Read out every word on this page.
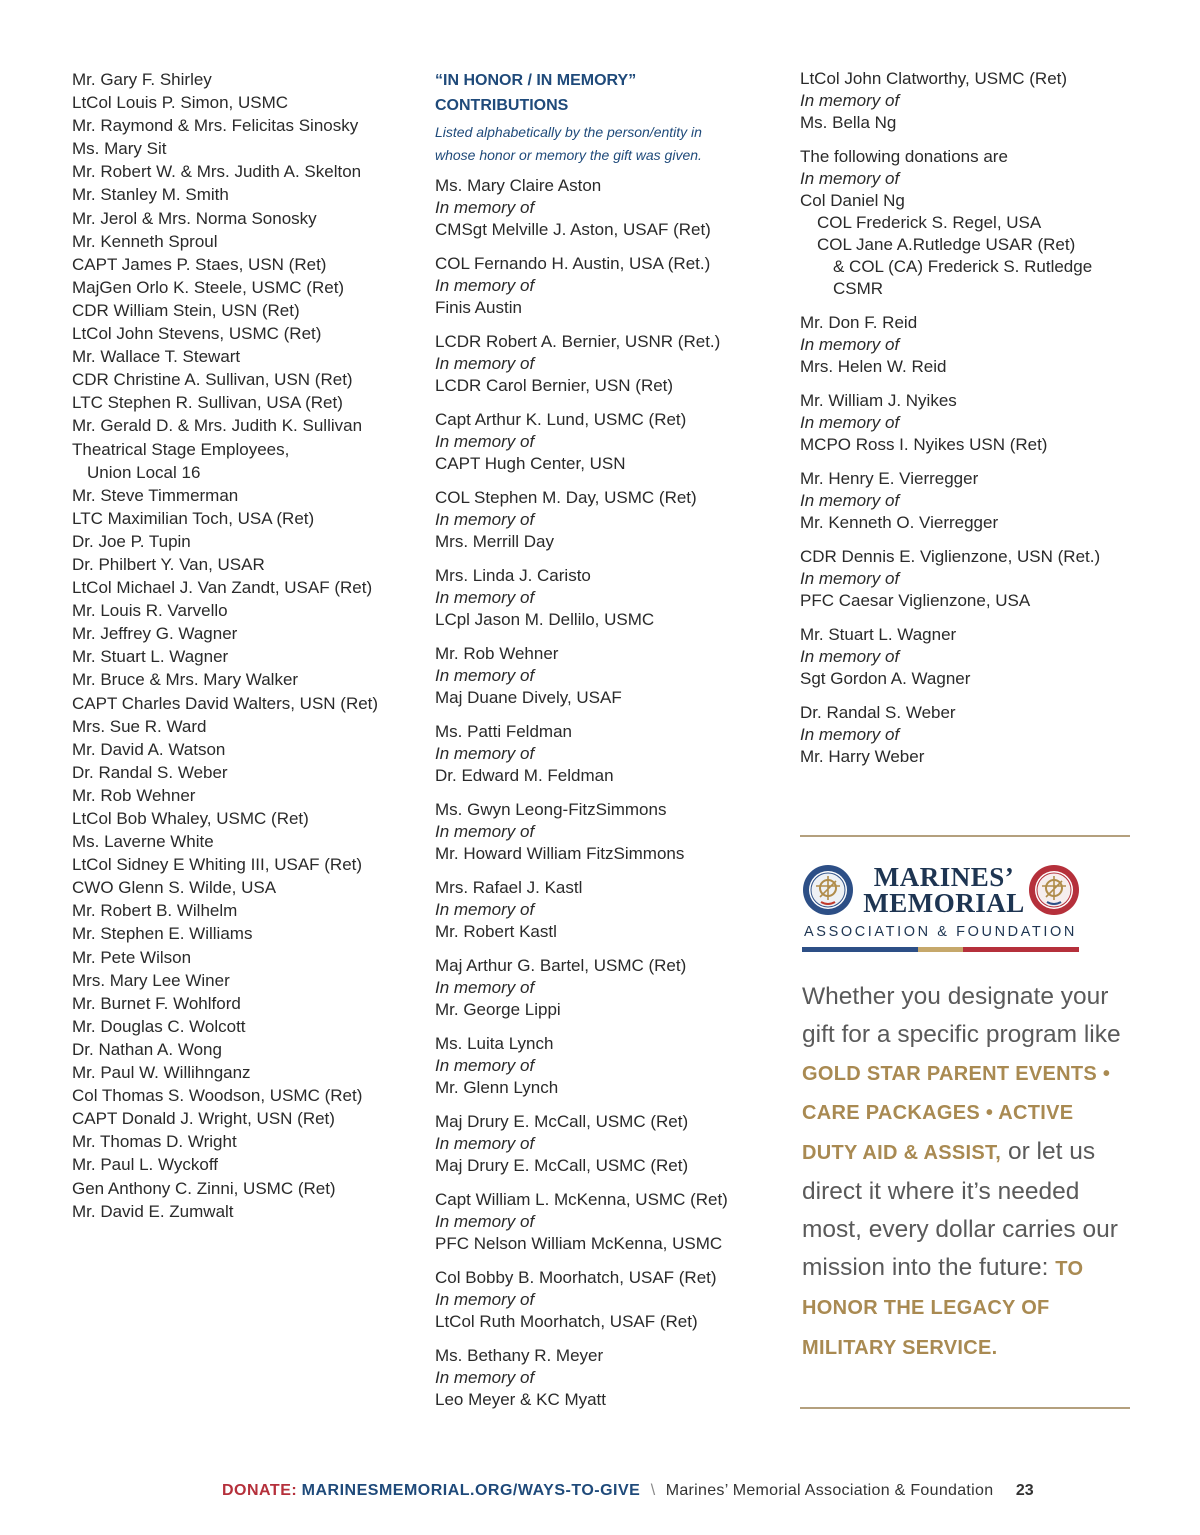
Mr. Gary F. Shirley
LtCol Louis P. Simon, USMC
Mr. Raymond & Mrs. Felicitas Sinosky
Ms. Mary Sit
Mr. Robert W. & Mrs. Judith A. Skelton
Mr. Stanley M. Smith
Mr. Jerol & Mrs. Norma Sonosky
Mr. Kenneth Sproul
CAPT James P. Staes, USN (Ret)
MajGen Orlo K. Steele, USMC (Ret)
CDR William Stein, USN (Ret)
LtCol John Stevens, USMC (Ret)
Mr. Wallace T. Stewart
CDR Christine A. Sullivan, USN (Ret)
LTC Stephen R. Sullivan, USA (Ret)
Mr. Gerald D. & Mrs. Judith K. Sullivan
Theatrical Stage Employees,
Union Local 16
Mr. Steve Timmerman
LTC Maximilian Toch, USA (Ret)
Dr. Joe P. Tupin
Dr. Philbert Y. Van, USAR
LtCol Michael J. Van Zandt, USAF (Ret)
Mr. Louis R. Varvello
Mr. Jeffrey G. Wagner
Mr. Stuart L. Wagner
Mr. Bruce & Mrs. Mary Walker
CAPT Charles David Walters, USN (Ret)
Mrs. Sue R. Ward
Mr. David A. Watson
Dr. Randal S. Weber
Mr. Rob Wehner
LtCol Bob Whaley, USMC (Ret)
Ms. Laverne White
LtCol Sidney E Whiting III, USAF (Ret)
CWO Glenn S. Wilde, USA
Mr. Robert B. Wilhelm
Mr. Stephen E. Williams
Mr. Pete Wilson
Mrs. Mary Lee Winer
Mr. Burnet F. Wohlford
Mr. Douglas C. Wolcott
Dr. Nathan A. Wong
Mr. Paul W. Willihnganz
Col Thomas S. Woodson, USMC (Ret)
CAPT Donald J. Wright, USN (Ret)
Mr. Thomas D. Wright
Mr. Paul L. Wyckoff
Gen Anthony C. Zinni, USMC (Ret)
Mr. David E. Zumwalt
“IN HONOR / IN MEMORY”
CONTRIBUTIONS
Listed alphabetically by the person/entity in
whose honor or memory the gift was given.
Ms. Mary Claire Aston
In memory of
CMSgt Melville J. Aston, USAF (Ret)
COL Fernando H. Austin, USA (Ret.)
In memory of
Finis Austin
LCDR Robert A. Bernier, USNR (Ret.)
In memory of
LCDR Carol Bernier, USN (Ret)
Capt Arthur K. Lund, USMC (Ret)
In memory of
CAPT Hugh Center, USN
COL Stephen M. Day, USMC (Ret)
In memory of
Mrs. Merrill Day
Mrs. Linda J. Caristo
In memory of
LCpl Jason M. Dellilo, USMC
Mr. Rob Wehner
In memory of
Maj Duane Dively, USAF
Ms. Patti Feldman
In memory of
Dr. Edward M. Feldman
Ms. Gwyn Leong-FitzSimmons
In memory of
Mr. Howard William FitzSimmons
Mrs. Rafael J. Kastl
In memory of
Mr. Robert Kastl
Maj Arthur G. Bartel, USMC (Ret)
In memory of
Mr. George Lippi
Ms. Luita Lynch
In memory of
Mr. Glenn Lynch
Maj Drury E. McCall, USMC (Ret)
In memory of
Maj Drury E. McCall, USMC (Ret)
Capt William L. McKenna, USMC (Ret)
In memory of
PFC Nelson William McKenna, USMC
Col Bobby B. Moorhatch, USAF (Ret)
In memory of
LtCol Ruth Moorhatch, USAF (Ret)
Ms. Bethany R. Meyer
In memory of
Leo Meyer & KC Myatt
LtCol John Clatworthy, USMC (Ret)
In memory of
Ms. Bella Ng
The following donations are
In memory of
Col Daniel Ng
COL Frederick S. Regel, USA
COL Jane A.Rutledge USAR (Ret)
& COL (CA) Frederick S. Rutledge
CSMR
Mr. Don F. Reid
In memory of
Mrs. Helen W. Reid
Mr. William J. Nyikes
In memory of
MCPO Ross I. Nyikes USN (Ret)
Mr. Henry E. Vierregger
In memory of
Mr. Kenneth O. Vierregger
CDR Dennis E. Viglienzone, USN (Ret.)
In memory of
PFC Caesar Viglienzone, USA
Mr. Stuart L. Wagner
In memory of
Sgt Gordon A. Wagner
Dr. Randal S. Weber
In memory of
Mr. Harry Weber
MARINES’
MEMORIAL
ASSOCIATION & FOUNDATION
Whether you designate your gift for a specific program like GOLD STAR PARENT EVENTS • CARE PACKAGES • ACTIVE DUTY AID & ASSIST, or let us direct it where it’s needed most, every dollar carries our mission into the future: TO HONOR THE LEGACY OF MILITARY SERVICE.
DONATE: MARINESMEMORIAL.ORG/WAYS-TO-GIVE \ Marines’ Memorial Association & Foundation 23
